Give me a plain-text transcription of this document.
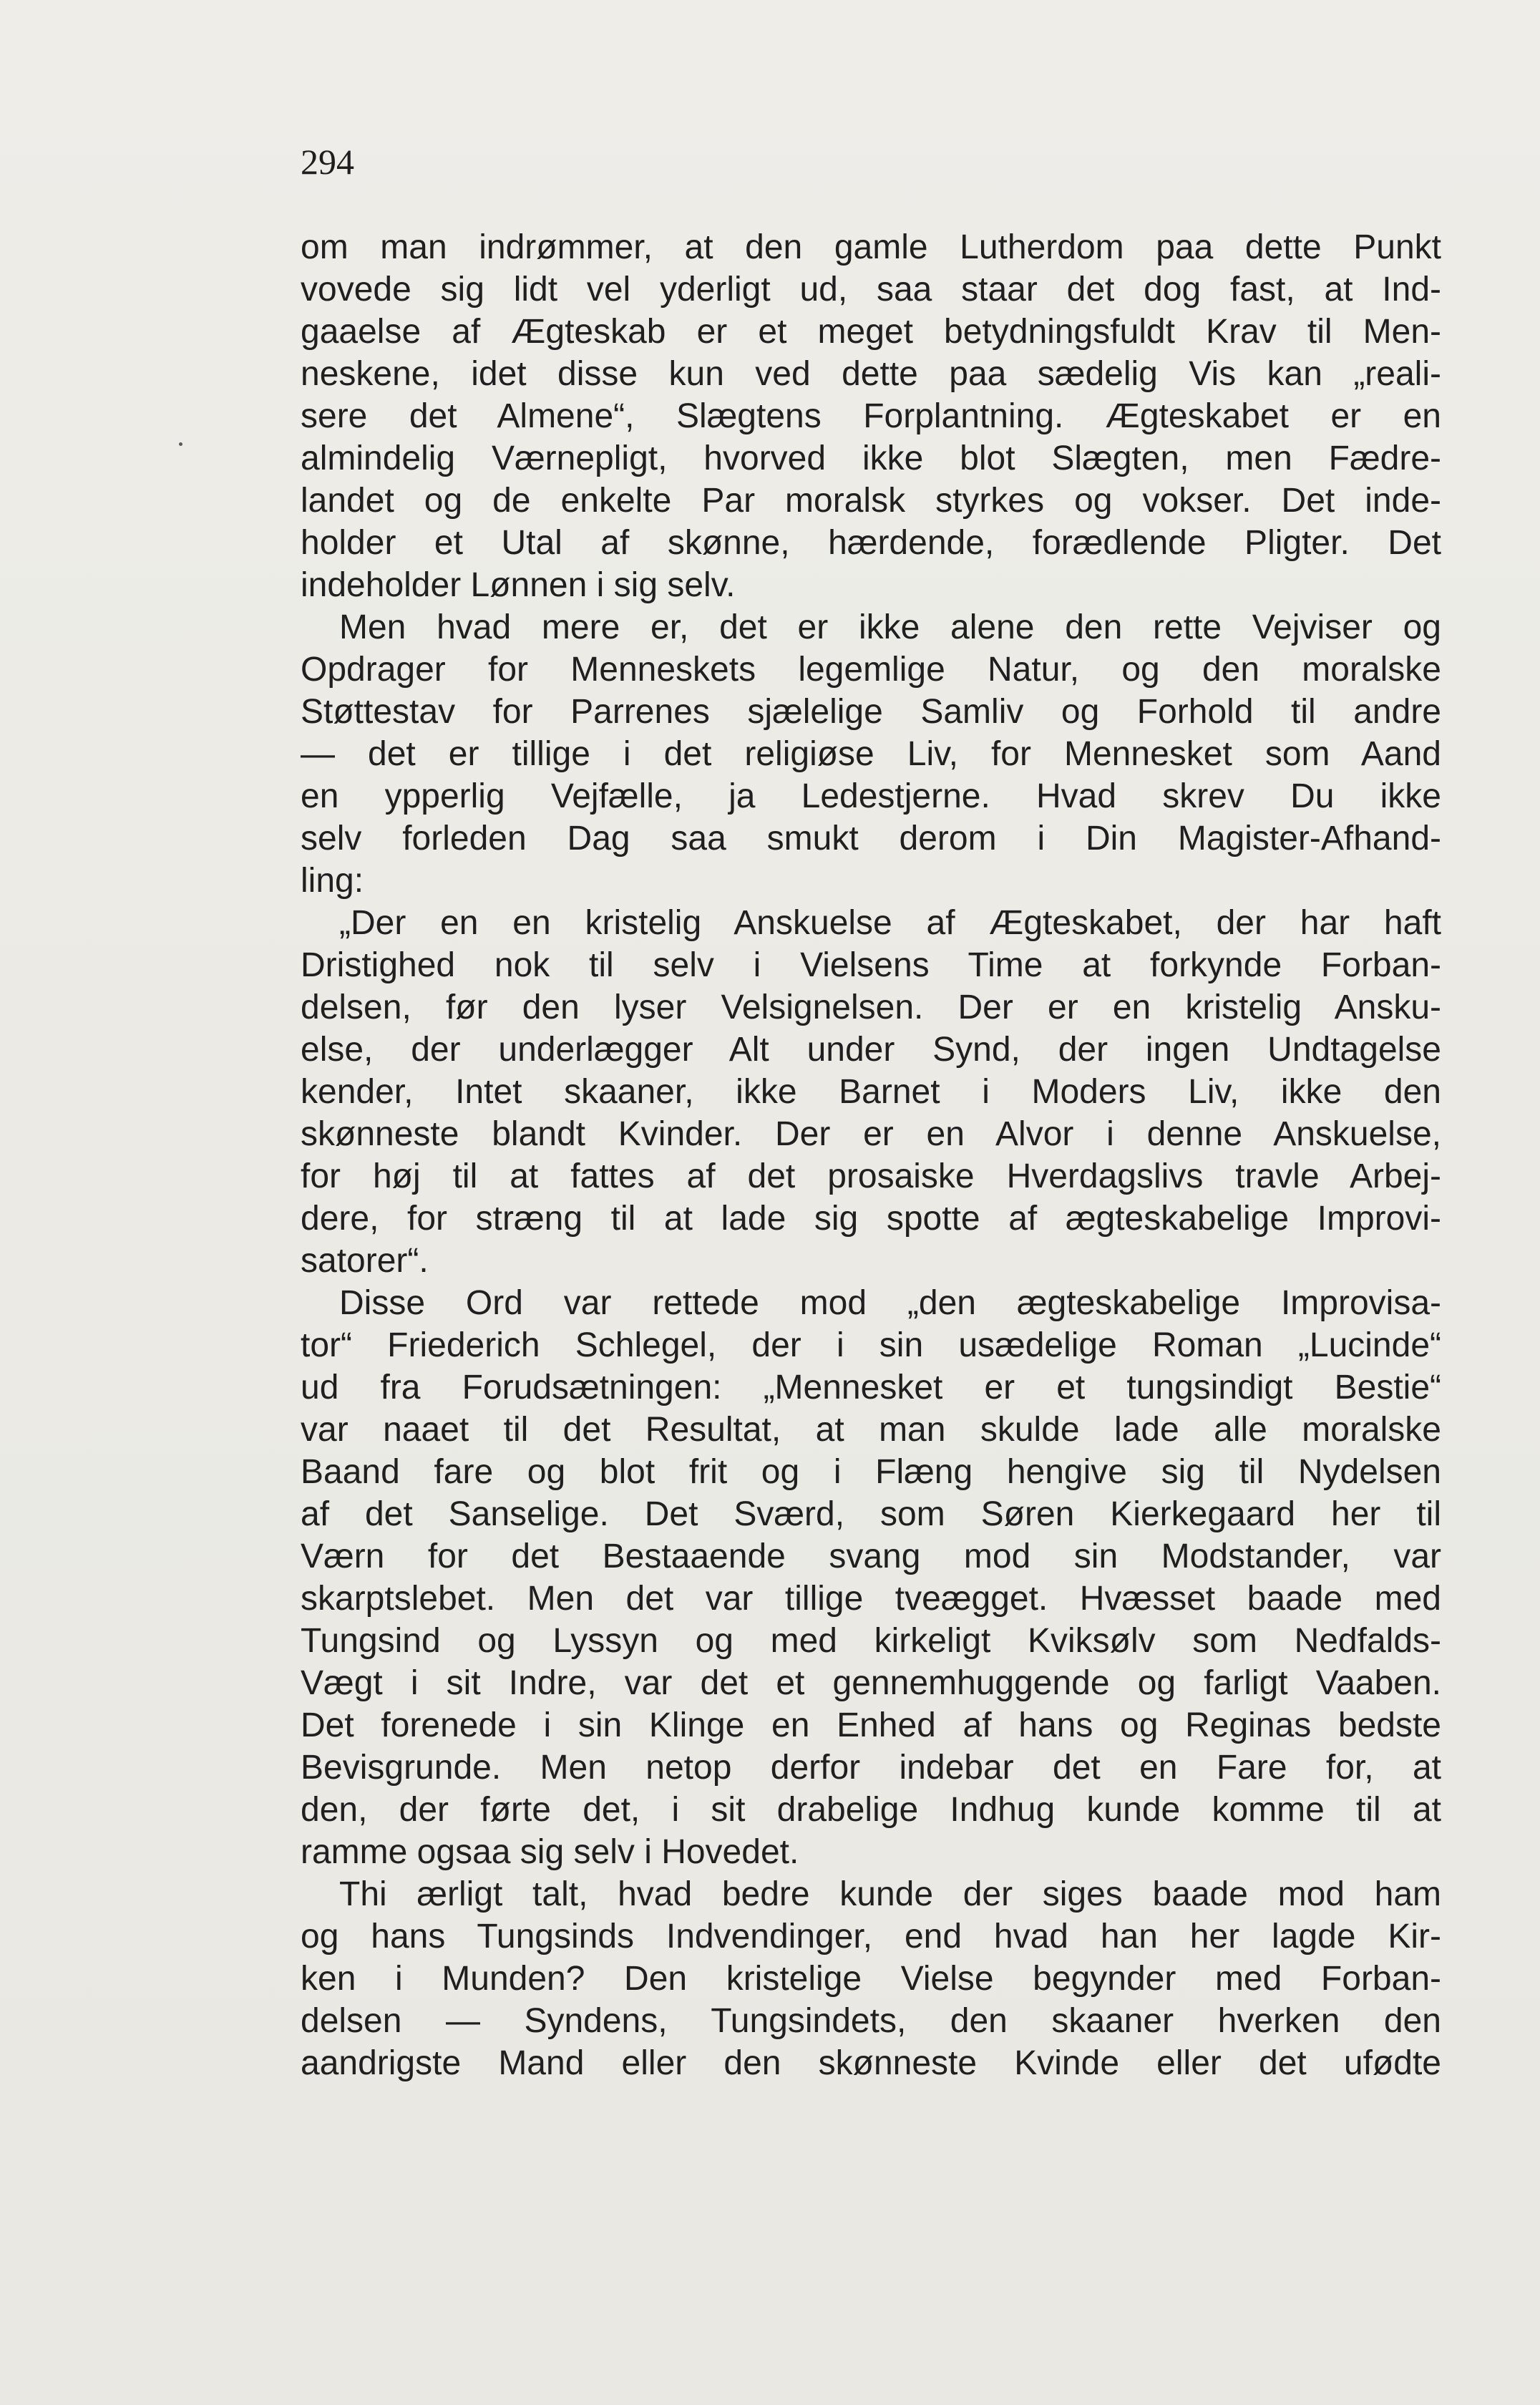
294
om man indrømmer, at den gamle Lutherdom paa dette Punkt
vovede sig lidt vel yderligt ud, saa staar det dog fast, at Ind-
gaaelse af Ægteskab er et meget betydningsfuldt Krav til Men-
neskene, idet disse kun ved dette paa sædelig Vis kan „reali-
sere det Almene“, Slægtens Forplantning. Ægteskabet er en
almindelig Værnepligt, hvorved ikke blot Slægten, men Fædre-
landet og de enkelte Par moralsk styrkes og vokser. Det inde-
holder et Utal af skønne, hærdende, forædlende Pligter. Det
indeholder Lønnen i sig selv.
Men hvad mere er, det er ikke alene den rette Vejviser og
Opdrager for Menneskets legemlige Natur, og den moralske
Støttestav for Parrenes sjælelige Samliv og Forhold til andre
— det er tillige i det religiøse Liv, for Mennesket som Aand
en ypperlig Vejfælle, ja Ledestjerne. Hvad skrev Du ikke
selv forleden Dag saa smukt derom i Din Magister-Afhand-
ling:
„Der en en kristelig Anskuelse af Ægteskabet, der har haft
Dristighed nok til selv i Vielsens Time at forkynde Forban-
delsen, før den lyser Velsignelsen. Der er en kristelig Ansku-
else, der underlægger Alt under Synd, der ingen Undtagelse
kender, Intet skaaner, ikke Barnet i Moders Liv, ikke den
skønneste blandt Kvinder. Der er en Alvor i denne Anskuelse,
for høj til at fattes af det prosaiske Hverdagslivs travle Arbej-
dere, for stræng til at lade sig spotte af ægteskabelige Improvi-
satorer“.
Disse Ord var rettede mod „den ægteskabelige Improvisa-
tor“ Friederich Schlegel, der i sin usædelige Roman „Lucinde“
ud fra Forudsætningen: „Mennesket er et tungsindigt Bestie“
var naaet til det Resultat, at man skulde lade alle moralske
Baand fare og blot frit og i Flæng hengive sig til Nydelsen
af det Sanselige. Det Sværd, som Søren Kierkegaard her til
Værn for det Bestaaende svang mod sin Modstander, var
skarptslebet. Men det var tillige tveægget. Hvæsset baade med
Tungsind og Lyssyn og med kirkeligt Kviksølv som Nedfalds-
Vægt i sit Indre, var det et gennemhuggende og farligt Vaaben.
Det forenede i sin Klinge en Enhed af hans og Reginas bedste
Bevisgrunde. Men netop derfor indebar det en Fare for, at
den, der førte det, i sit drabelige Indhug kunde komme til at
ramme ogsaa sig selv i Hovedet.
Thi ærligt talt, hvad bedre kunde der siges baade mod ham
og hans Tungsinds Indvendinger, end hvad han her lagde Kir-
ken i Munden? Den kristelige Vielse begynder med Forban-
delsen — Syndens, Tungsindets, den skaaner hverken den
aandrigste Mand eller den skønneste Kvinde eller det ufødte
